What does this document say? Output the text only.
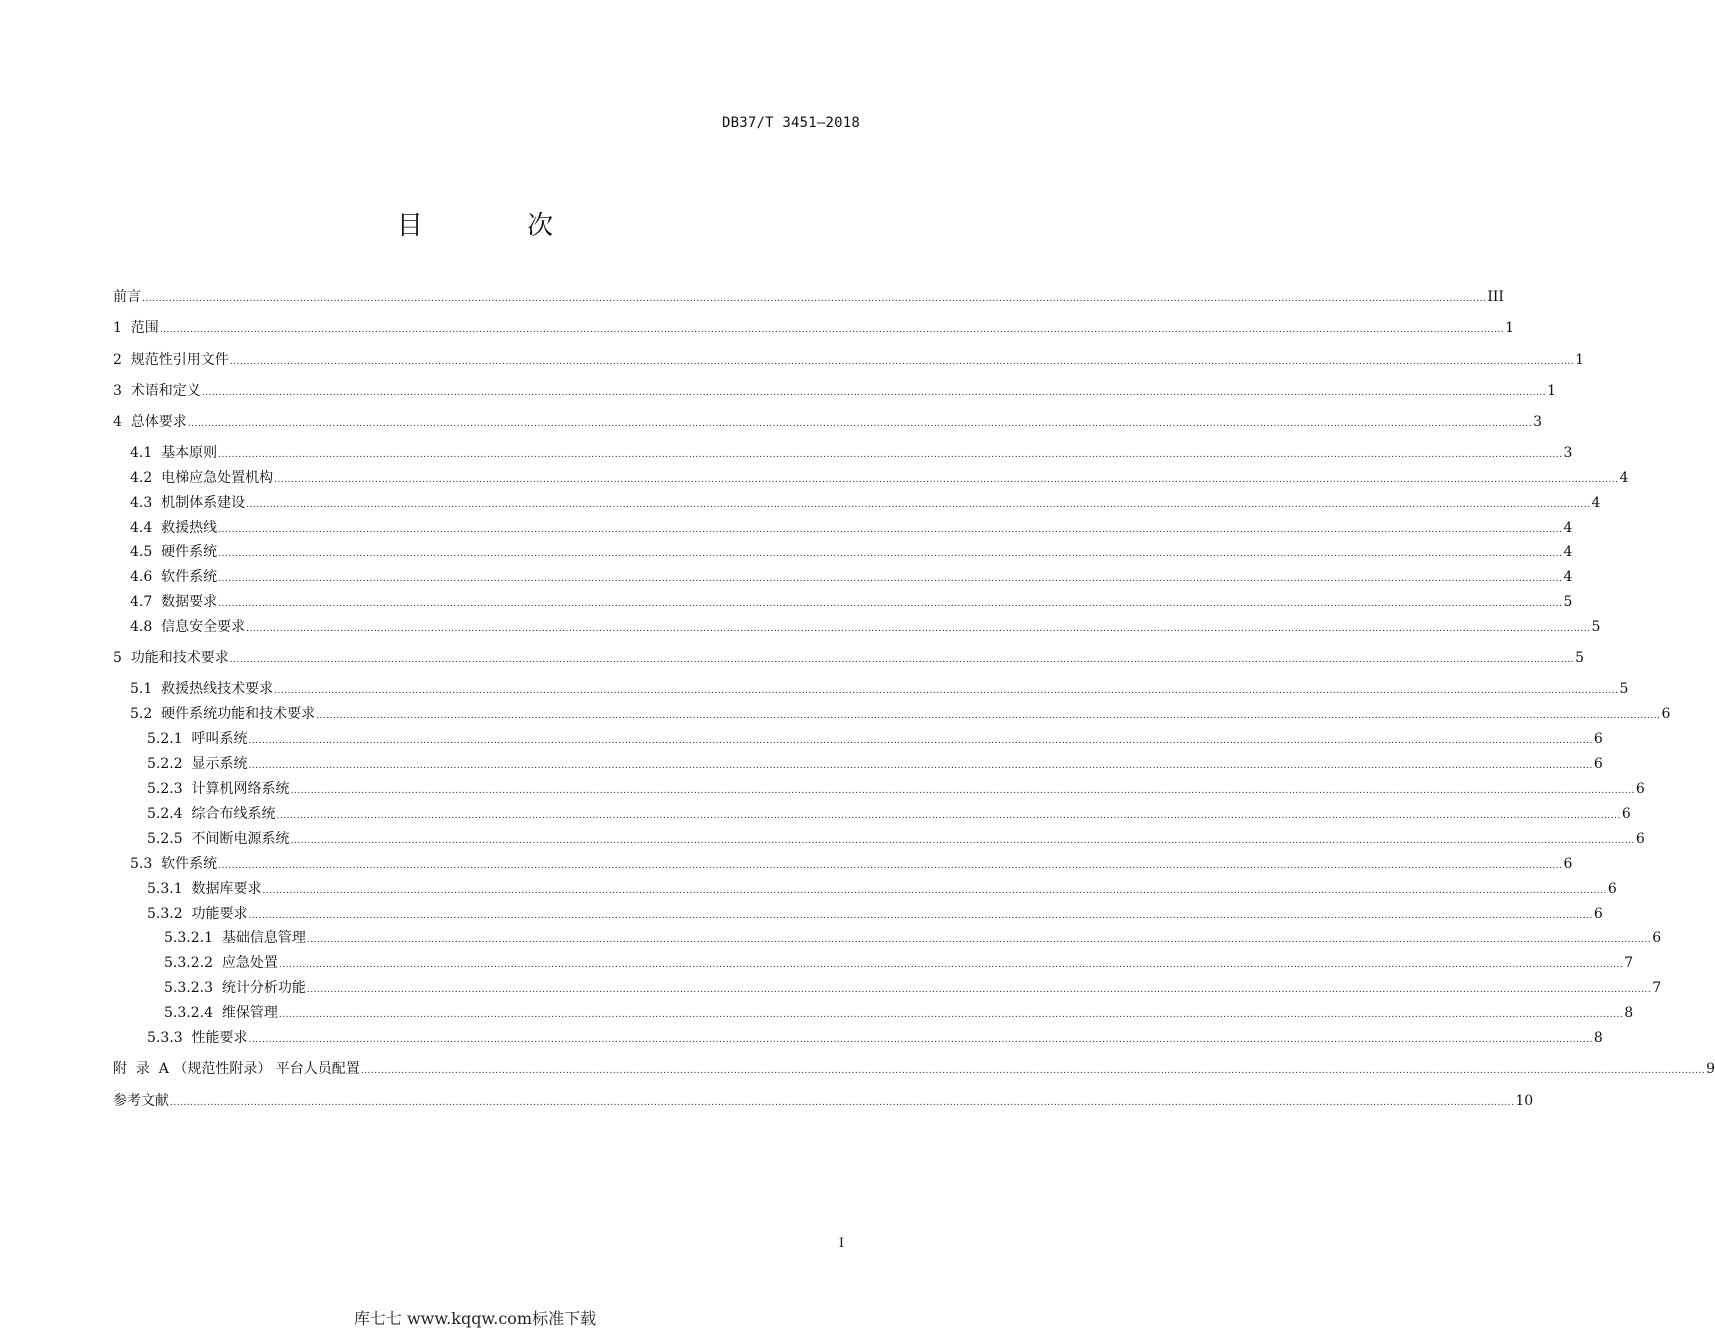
DB37/T 3451—2018
目 次
前言 ................................................................................................................................................................................................................................................................................................................................................................................................................ III
1  范围 ................................................................................................................................................................................................................................................................................................................................................................................................................ 1
2  规范性引用文件 ................................................................................................................................................................................................................................................................................................................................................................................................................ 1
3  术语和定义 ................................................................................................................................................................................................................................................................................................................................................................................................................ 1
4  总体要求 ................................................................................................................................................................................................................................................................................................................................................................................................................ 3
4.1  基本原则 ................................................................................................................................................................................................................................................................................................................................................................................................................ 3
4.2  电梯应急处置机构 ................................................................................................................................................................................................................................................................................................................................................................................................................ 4
4.3  机制体系建设 ................................................................................................................................................................................................................................................................................................................................................................................................................ 4
4.4  救援热线 ................................................................................................................................................................................................................................................................................................................................................................................................................ 4
4.5  硬件系统 ................................................................................................................................................................................................................................................................................................................................................................................................................ 4
4.6  软件系统 ................................................................................................................................................................................................................................................................................................................................................................................................................ 4
4.7  数据要求 ................................................................................................................................................................................................................................................................................................................................................................................................................ 5
4.8  信息安全要求 ................................................................................................................................................................................................................................................................................................................................................................................................................ 5
5  功能和技术要求 ................................................................................................................................................................................................................................................................................................................................................................................................................ 5
5.1  救援热线技术要求 ................................................................................................................................................................................................................................................................................................................................................................................................................ 5
5.2  硬件系统功能和技术要求 ................................................................................................................................................................................................................................................................................................................................................................................................................ 6
5.2.1  呼叫系统 ................................................................................................................................................................................................................................................................................................................................................................................................................ 6
5.2.2  显示系统 ................................................................................................................................................................................................................................................................................................................................................................................................................ 6
5.2.3  计算机网络系统 ................................................................................................................................................................................................................................................................................................................................................................................................................ 6
5.2.4  综合布线系统 ................................................................................................................................................................................................................................................................................................................................................................................................................ 6
5.2.5  不间断电源系统 ................................................................................................................................................................................................................................................................................................................................................................................................................ 6
5.3  软件系统 ................................................................................................................................................................................................................................................................................................................................................................................................................ 6
5.3.1  数据库要求 ................................................................................................................................................................................................................................................................................................................................................................................................................ 6
5.3.2  功能要求 ................................................................................................................................................................................................................................................................................................................................................................................................................ 6
5.3.2.1  基础信息管理 ................................................................................................................................................................................................................................................................................................................................................................................................................ 6
5.3.2.2  应急处置 ................................................................................................................................................................................................................................................................................................................................................................................................................ 7
5.3.2.3  统计分析功能 ................................................................................................................................................................................................................................................................................................................................................................................................................ 7
5.3.2.4  维保管理 ................................................................................................................................................................................................................................................................................................................................................................................................................ 8
5.3.3  性能要求 ................................................................................................................................................................................................................................................................................................................................................................................................................ 8
附  录  A （规范性附录） 平台人员配置 ................................................................................................................................................................................................................................................................................................................................................................................................................ 9
参考文献 ................................................................................................................................................................................................................................................................................................................................................................................................................ 10
I
库七七 www.kqqw.com标准下载
